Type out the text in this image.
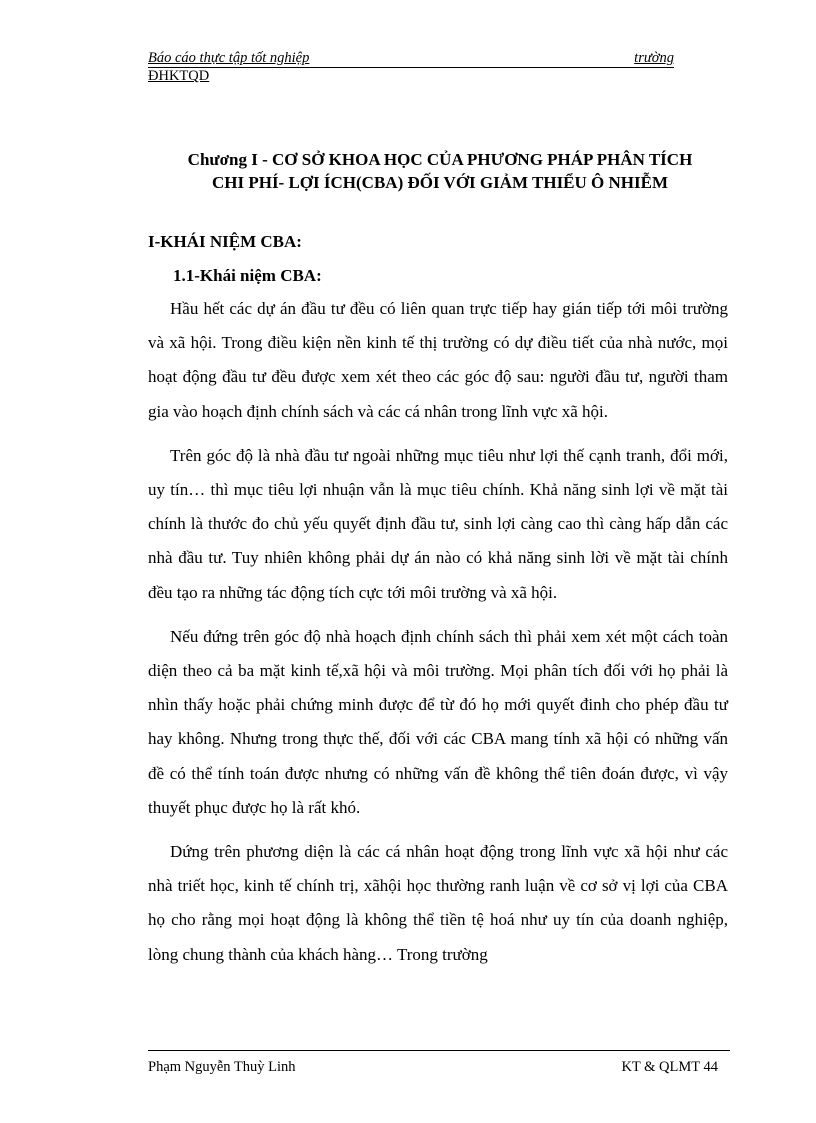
Báo cáo thực tập tốt nghiệp	trường
ĐHKTQD
Chương I - CƠ SỞ KHOA HỌC CỦA PHƯƠNG PHÁP PHÂN TÍCH
CHI PHÍ- LỢI ÍCH(CBA) ĐỐI VỚI GIẢM THIỂU Ô NHIỄM
I-KHÁI NIỆM CBA:
1.1-Khái niệm CBA:

Hầu hết các dự án đầu tư đều có liên quan trực tiếp hay gián tiếp tới môi trường và xã hội. Trong điều kiện nền kinh tế thị trường có dự điều tiết của nhà nước, mọi hoạt động đầu tư đều được xem xét theo các góc độ sau: người đầu tư, người tham gia vào hoạch định chính sách và các cá nhân trong lĩnh vực xã hội.

Trên góc độ là nhà đầu tư ngoài những mục tiêu như lợi thế cạnh tranh, đổi mới, uy tín… thì mục tiêu lợi nhuận vẫn là mục tiêu chính. Khả năng sinh lợi về mặt tài chính là thước đo chủ yếu quyết định đầu tư, sinh lợi càng cao thì càng hấp dẫn các nhà đầu tư. Tuy nhiên không phải dự án nào có khả năng sinh lời về mặt tài chính đều tạo ra những tác động tích cực tới môi trường và xã hội.

Nếu đứng trên góc độ nhà hoạch định chính sách thì phải xem xét một cách toàn diện theo cả ba mặt kinh tế,xã hội và môi trường. Mọi phân tích đối với họ phải là nhìn thấy hoặc phải chứng minh được để từ đó họ mới quyết đinh cho phép đầu tư hay không. Nhưng trong thực thế, đối với các CBA mang tính xã hội có những vấn đề có thể tính toán được nhưng có những vấn đề không thể tiên đoán được, vì vậy thuyết phục được họ là rất khó.

Dứng trên phương diện là các cá nhân hoạt động trong lĩnh vực xã hội như các nhà triết học, kinh tế chính trị, xãhội học thường ranh luận về cơ sở vị lợi của CBA họ cho rằng mọi hoạt động là không thể tiền tệ hoá như uy tín của doanh nghiệp, lòng chung thành của khách hàng… Trong trường

Phạm Nguyễn Thuỳ Linh	KT & QLMT 44
